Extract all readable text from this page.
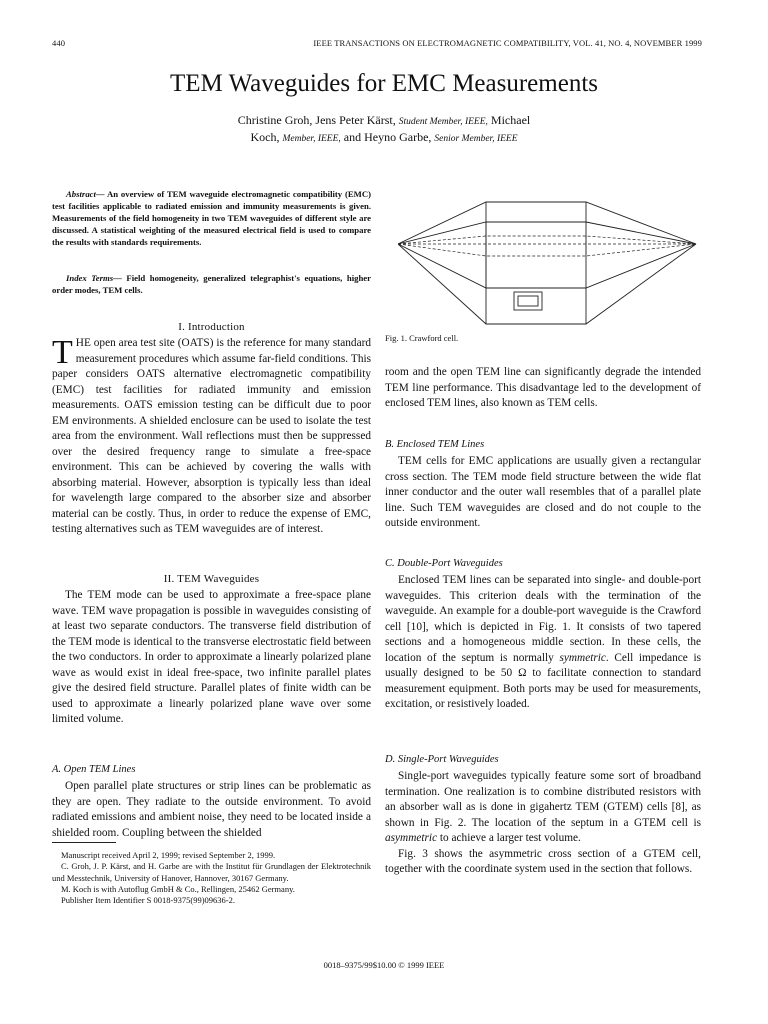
440	IEEE TRANSACTIONS ON ELECTROMAGNETIC COMPATIBILITY, VOL. 41, NO. 4, NOVEMBER 1999
TEM Waveguides for EMC Measurements
Christine Groh, Jens Peter Kärst, Student Member, IEEE, Michael
Koch, Member, IEEE, and Heyno Garbe, Senior Member, IEEE
Abstract— An overview of TEM waveguide electromagnetic compatibility (EMC) test facilities applicable to radiated emission and immunity measurements is given. Measurements of the field homogeneity in two TEM waveguides of different style are discussed. A statistical weighting of the measured electrical field is used to compare the results with standards requirements.
Index Terms— Field homogeneity, generalized telegraphist's equations, higher order modes, TEM cells.
Fig. 1. Crawford cell.
I. Introduction
THE open area test site (OATS) is the reference for many standard measurement procedures which assume far-field conditions. This paper considers OATS alternative electromagnetic compatibility (EMC) test facilities for radiated immunity and emission measurements. OATS emission testing can be difficult due to poor EM environments. A shielded enclosure can be used to isolate the test area from the environment. Wall reflections must then be suppressed over the desired frequency range to simulate a free-space environment. This can be achieved by covering the walls with absorbing material. However, absorption is typically less than ideal for wavelength large compared to the absorber size and absorber material can be costly. Thus, in order to reduce the expense of EMC, testing alternatives such as TEM waveguides are of interest.
II. TEM Waveguides

The TEM mode can be used to approximate a free-space plane wave. TEM wave propagation is possible in waveguides consisting of at least two separate conductors. The transverse field distribution of the TEM mode is identical to the transverse electrostatic field between the two conductors. In order to approximate a linearly polarized plane wave as would exist in ideal free-space, two infinite parallel plates give the desired field structure. Parallel plates of finite width can be used to approximate a linearly polarized plane wave over some limited volume.

A. Open TEM Lines

Open parallel plate structures or strip lines can be problematic as they are open. They radiate to the outside environment. To avoid radiated emissions and ambient noise, they need to be located inside a shielded room. Coupling between the shielded

Manuscript received April 2, 1999; revised September 2, 1999.
C. Groh, J. P. Kärst, and H. Garbe are with the Institut für Grundlagen der Elektrotechnik und Messtechnik, University of Hanover, Hannover, 30167 Germany.
M. Koch is with Autoflug GmbH & Co., Rellingen, 25462 Germany.
Publisher Item Identifier S 0018-9375(99)09636-2.

room and the open TEM line can significantly degrade the intended TEM line performance. This disadvantage led to the development of enclosed TEM lines, also known as TEM cells.

B. Enclosed TEM Lines

TEM cells for EMC applications are usually given a rectangular cross section. The TEM mode field structure between the wide flat inner conductor and the outer wall resembles that of a parallel plate line. Such TEM waveguides are closed and do not couple to the outside environment.

C. Double-Port Waveguides

Enclosed TEM lines can be separated into single- and double-port waveguides. This criterion deals with the termination of the waveguide. An example for a double-port waveguide is the Crawford cell [10], which is depicted in Fig. 1. It consists of two tapered sections and a homogeneous middle section. In these cells, the location of the septum is normally symmetric. Cell impedance is usually designed to be 50 Ω to facilitate connection to standard measurement equipment. Both ports may be used for measurements, excitation, or resistively loaded.

D. Single-Port Waveguides

Single-port waveguides typically feature some sort of broadband termination. One realization is to combine distributed resistors with an absorber wall as is done in gigahertz TEM (GTEM) cells [8], as shown in Fig. 2. The location of the septum in a GTEM cell is asymmetric to achieve a larger test volume.

Fig. 3 shows the asymmetric cross section of a GTEM cell, together with the coordinate system used in the section that follows.

0018–9375/99$10.00 © 1999 IEEE
